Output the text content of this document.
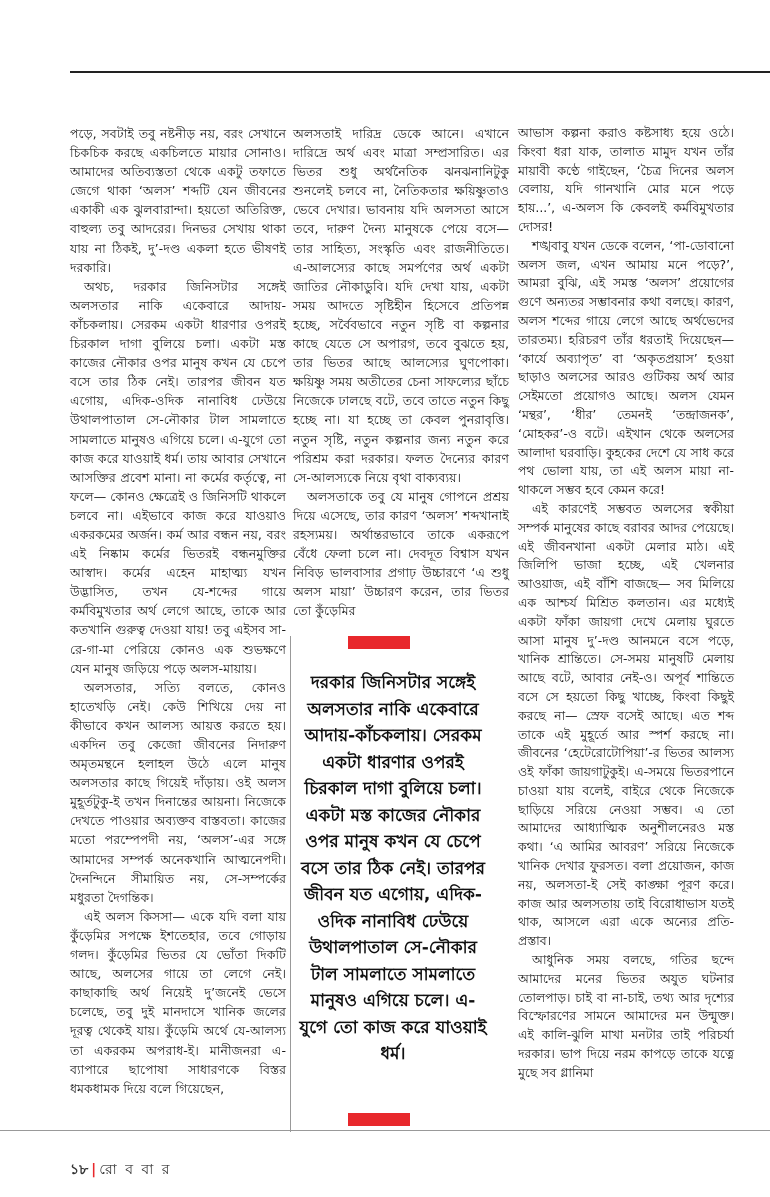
পড়ে, সবটাই তবু নষ্টনীড় নয়, বরং সেখানে চিকচিক করছে একচিলতে মায়ার সোনাও। আমাদের অতিব্যস্ততা থেকে একটু তফাতে জেগে থাকা ‘অলস’ শব্দটি যেন জীবনের একাকী এক ঝুলবারান্দা। হয়তো অতিরিক্ত, বাহুল্য তবু আদরের। দিনভর সেখায় থাকা যায় না ঠিকই, দু’-দণ্ড একলা হতে ভীষণই দরকারি।

অথচ, দরকার জিনিসটার সঙ্গেই অলসতার নাকি একেবারে আদায়-কাঁচকলায়। সেরকম একটা ধারণার ওপরই চিরকাল দাগা বুলিয়ে চলা। একটা মস্ত কাজের নৌকার ওপর মানুষ কখন যে চেপে বসে তার ঠিক নেই। তারপর জীবন যত এগোয়, এদিক-ওদিক নানাবিধ ঢেউয়ে উথালপাতাল সে-নৌকার টাল সামলাতে সামলাতে মানুষও এগিয়ে চলে। এ-যুগে তো কাজ করে যাওয়াই ধর্ম। তায় আবার সেখানে আসক্তির প্রবেশ মানা। না কর্মের কর্তৃত্বে, না ফলে— কোনও ক্ষেত্রেই ও জিনিসটি থাকলে চলবে না। এইভাবে কাজ করে যাওয়াও একরকমের অর্জন। কর্ম আর বন্ধন নয়, বরং এই নিষ্কাম কর্মের ভিতরই বন্ধনমুক্তির আস্বাদ। কর্মের এহেন মাহাত্ম্য যখন উদ্ভাসিত, তখন যে-শব্দের গায়ে কর্মবিমুখতার অর্থ লেগে আছে, তাকে আর কতখানি গুরুত্ব দেওয়া যায়! তবু এইসব সা-রে-গা-মা পেরিয়ে কোনও এক শুভক্ষণে যেন মানুষ জড়িয়ে পড়ে অলস-মায়ায়।

অলসতার, সত্যি বলতে, কোনও হাতেখড়ি নেই। কেউ শিখিয়ে দেয় না কীভাবে কখন আলস্য আয়ত্ত করতে হয়। একদিন তবু কেজো জীবনের নিদারুণ অমৃতমন্থনে হলাহল উঠে এলে মানুষ অলসতার কাছে গিয়েই দাঁড়ায়। ওই অলস মুহূর্তটুকু-ই তখন দিনান্তের আয়না। নিজেকে দেখতে পাওয়ার অব্যক্তব বাস্তবতা। কাজের মতো পরম্পেপদী নয়, ‘অলস’-এর সঙ্গে আমাদের সম্পর্ক অনেকখানি আত্মনেপদী। দৈনন্দিনে সীমায়িত নয়, সে-সম্পর্কের মধুরতা দৈগন্তিক।

এই অলস কিসসা— একে যদি বলা যায় কুঁড়েমির সপক্ষে ইশতেহার, তবে গোড়ায় গলদ। কুঁড়েমির ভিতর যে ভোঁতা দিকটি আছে, অলসের গায়ে তা লেগে নেই। কাছাকাছি অর্থ নিয়েই দু’জনেই ভেসে চলেছে, তবু দুই মানদাসে খানিক জলের দূরত্ব থেকেই যায়। কুঁড়েমি অর্থে যে-আলস্য তা একরকম অপরাধ-ই। মানীজনরা এ-ব্যাপারে ছাপোষা সাধারণকে বিস্তর ধমকধামক দিয়ে বলে গিয়েছেন,

অলসতাই দারিদ্র ডেকে আনে। এখানে দারিদ্রে অর্থ এবং মাত্রা সম্প্রসারিত। এর ভিতর শুধু অর্থনৈতিক ঝনঝনানিটুকু শুনলেই চলবে না, নৈতিকতার ক্ষয়িষ্ণুতাও ভেবে দেখার। ভাবনায় যদি অলসতা আসে তবে, দারুণ দৈন্য মানুষকে পেয়ে বসে— তার সাহিত্য, সংস্কৃতি এবং রাজনীতিতে। এ-আলস্যের কাছে সমর্পণের অর্থ একটা জাতির নৌকাডুবি। যদি দেখা যায়, একটা সময় আদতে সৃষ্টিহীন হিসেবে প্রতিপন্ন হচ্ছে, সর্বৈবভাবে নতুন সৃষ্টি বা কল্পনার কাছে যেতে সে অপারগ, তবে বুঝতে হয়, তার ভিতর আছে আলস্যের ঘুণপোকা। ক্ষয়িষ্ণু সময় অতীতের চেনা সাফল্যের ছাঁচে নিজেকে ঢালছে বটে, তবে তাতে নতুন কিছু হচ্ছে না। যা হচ্ছে তা কেবল পুনরাবৃত্তি। নতুন সৃষ্টি, নতুন কল্পনার জন্য নতুন করে পরিশ্রম করা দরকার। ফলত দৈন্যের কারণ সে-আলস্যকে নিয়ে বৃথা বাক্যব্যয়।

অলসতাকে তবু যে মানুষ গোপনে প্রশ্রয় দিয়ে এসেছে, তার কারণ ‘অলস’ শব্দখানাই রহস্যময়। অর্থান্তরভাবে তাকে একরূপে বেঁধে ফেলা চলে না। দেবদূত বিশ্বাস যখন নিবিড় ভালবাসার প্রগাঢ় উচ্চারণে ‘এ শুধু অলস মায়া’ উচ্চারণ করেন, তার ভিতর তো কুঁড়েমির

দরকার জিনিসটার সঙ্গেই অলসতার নাকি একেবারে আদায়-কাঁচকলায়। সেরকম একটা ধারণার ওপরই চিরকাল দাগা বুলিয়ে চলা। একটা মস্ত কাজের নৌকার ওপর মানুষ কখন যে চেপে বসে তার ঠিক নেই। তারপর জীবন যত এগোয়, এদিক-ওদিক নানাবিধ ঢেউয়ে উথালপাতাল সে-নৌকার টাল সামলাতে সামলাতে মানুষও এগিয়ে চলে। এ-যুগে তো কাজ করে যাওয়াই ধর্ম।

আভাস কল্পনা করাও কষ্টসাধ্য হয়ে ওঠে। কিংবা ধরা যাক, তালাত মামুদ যখন তাঁর মায়াবী কণ্ঠে গাইছেন, ‘চৈত্র দিনের অলস বেলায়, যদি গানখানি মোর মনে পড়ে হায়...’, এ-অলস কি কেবলই কর্মবিমুখতার দোসর!

শঙ্খবাবু যখন ডেকে বলেন, ‘পা-ডোবানো অলস জল, এখন আমায় মনে পড়ে?’, আমরা বুঝি, এই সমস্ত ‘অলস’ প্রয়োগের গুণে অন্যতর সম্ভাবনার কথা বলছে। কারণ, অলস শব্দের গায়ে লেগে আছে অর্থভেদের তারতম্য। হরিচরণ তাঁর ধরতাই দিয়েছেন— ‘কার্যে অব্যাপৃত’ বা ‘অকৃতপ্রয়াস’ হওয়া ছাড়াও অলসের আরও গুটিকয় অর্থ আর সেইমতো প্রয়োগও আছে। অলস যেমন ‘মন্থর’, ‘ধীর’ তেমনই ‘তন্দ্রাজনক’, ‘মোহকর’-ও বটে। এইখান থেকে অলসের আলাদা ঘরবাড়ি। কুহকের দেশে যে সাধ করে পথ ভোলা যায়, তা এই অলস মায়া না-থাকলে সম্ভব হবে কেমন করে!

এই কারণেই সম্ভবত অলসের স্বকীয়া সম্পর্ক মানুষের কাছে বরাবর আদর পেয়েছে। এই জীবনখানা একটা মেলার মাঠ। এই জিলিপি ভাজা হচ্ছে, এই খেলনার আওয়াজ, এই বাঁশি বাজছে— সব মিলিয়ে এক আশ্চর্য মিশ্রিত কলতান। এর মধ্যেই একটা ফাঁকা জায়গা দেখে মেলায় ঘুরতে আসা মানুষ দু’-দণ্ড আনমনে বসে পড়ে, খানিক শ্রান্তিতে। সে-সময় মানুষটি মেলায় আছে বটে, আবার নেই-ও। অপূর্ব শান্তিতে বসে সে হয়তো কিছু খাচ্ছে, কিংবা কিছুই করছে না— স্রেফ বসেই আছে। এত শব্দ তাকে এই মুহূর্তে আর স্পর্শ করছে না। জীবনের ‘হেটেরোটোপিয়া’-র ভিতর আলস্য ওই ফাঁকা জায়গাটুকুই। এ-সময়ে ভিতরপানে চাওয়া যায় বলেই, বাইরে থেকে নিজেকে ছাড়িয়ে সরিয়ে নেওয়া সম্ভব। এ তো আমাদের আধ্যাত্মিক অনুশীলনেরও মস্ত কথা। ‘এ আমির আবরণ’ সরিয়ে নিজেকে খানিক দেখার ফুরসত। বলা প্রয়োজন, কাজ নয়, অলসতা-ই সেই কাঙ্ক্ষা পূরণ করে। কাজ আর অলসতায় তাই বিরোধাভাস যতই থাক, আসলে এরা একে অন্যের প্রতি-প্রস্তাব।

আধুনিক সময় বলছে, গতির ছন্দে আমাদের মনের ভিতর অযুত ঘটনার তোলপাড়। চাই বা না-চাই, তথ্য আর দৃশ্যের বিস্ফোরণের সামনে আমাদের মন উন্মুক্ত। এই কালি-ঝুলি মাখা মনটার তাই পরিচর্যা দরকার। ভাপ দিয়ে নরম কাপড়ে তাকে যত্নে মুছে সব গ্লানিমা

১৮ | রো ব বা র
